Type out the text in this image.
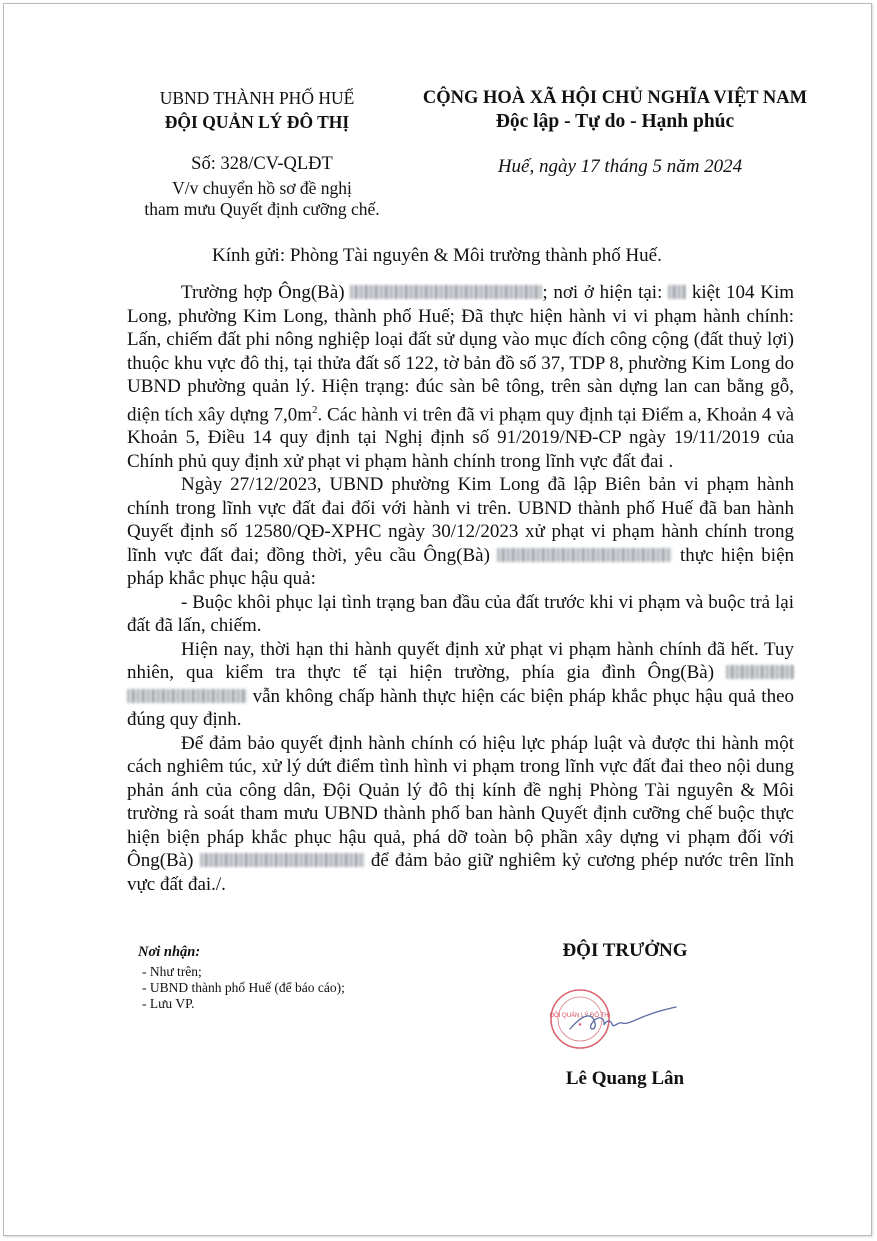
UBND THÀNH PHỐ HUẾ
ĐỘI QUẢN LÝ ĐÔ THỊ
CỘNG HOÀ XÃ HỘI CHỦ NGHĨA VIỆT NAM
Độc lập - Tự do - Hạnh phúc
Số: 328/CV-QLĐT
V/v chuyển hồ sơ đề nghị
tham mưu Quyết định cưỡng chế.
Huế, ngày 17 tháng 5 năm 2024
Kính gửi: Phòng Tài nguyên & Môi trường thành phố Huế.

Trường hợp Ông(Bà)	; nơi ở hiện tại: kiệt 104 Kim Long, phường Kim Long, thành phố Huế; Đã thực hiện hành vi vi phạm hành chính: Lấn, chiếm đất phi nông nghiệp loại đất sử dụng vào mục đích công cộng (đất thuỷ lợi) thuộc khu vực đô thị, tại thửa đất số 122, tờ bản đồ số 37, TDP 8, phường Kim Long do UBND phường quản lý. Hiện trạng: đúc sàn bê tông, trên sàn dựng lan can bằng gỗ, diện tích xây dựng $7,0m^2$. Các hành vi trên đã vi phạm quy định tại Điểm a, Khoản 4 và Khoản 5, Điều 14 quy định tại Nghị định số 91/2019/NĐ-CP ngày 19/11/2019 của Chính phủ quy định xử phạt vi phạm hành chính trong lĩnh vực đất đai .

Ngày 27/12/2023, UBND phường Kim Long đã lập Biên bản vi phạm hành chính trong lĩnh vực đất đai đối với hành vi trên. UBND thành phố Huế đã ban hành Quyết định số 12580/QĐ-XPHC ngày 30/12/2023 xử phạt vi phạm hành chính trong lĩnh vực đất đai; đồng thời, yêu cầu Ông(Bà)	thực hiện biện pháp khắc phục hậu quả:

- Buộc khôi phục lại tình trạng ban đầu của đất trước khi vi phạm và buộc trả lại đất đã lấn, chiếm.

Hiện nay, thời hạn thi hành quyết định xử phạt vi phạm hành chính đã hết. Tuy nhiên, qua kiểm tra thực tế tại hiện trường, phía gia đình Ông(Bà)   vẫn không chấp hành thực hiện các biện pháp khắc phục hậu quả theo đúng quy định.

Để đảm bảo quyết định hành chính có hiệu lực pháp luật và được thi hành một cách nghiêm túc, xử lý dứt điểm tình hình vi phạm trong lĩnh vực đất đai theo nội dung phản ánh của công dân, Đội Quản lý đô thị kính đề nghị Phòng Tài nguyên & Môi trường rà soát tham mưu UBND thành phố ban hành Quyết định cưỡng chế buộc thực hiện biện pháp khắc phục hậu quả, phá dỡ toàn bộ phần xây dựng vi phạm đối với Ông(Bà)	để đảm bảo giữ nghiêm kỷ cương phép nước trên lĩnh vực đất đai./.

Nơi nhận:
- Như trên;
- UBND thành phố Huế (để báo cáo);
- Lưu VP.
ĐỘI TRƯỞNG
ĐỘI QUẢN LÝ ĐÔ THỊ
★
Lê Quang Lân
